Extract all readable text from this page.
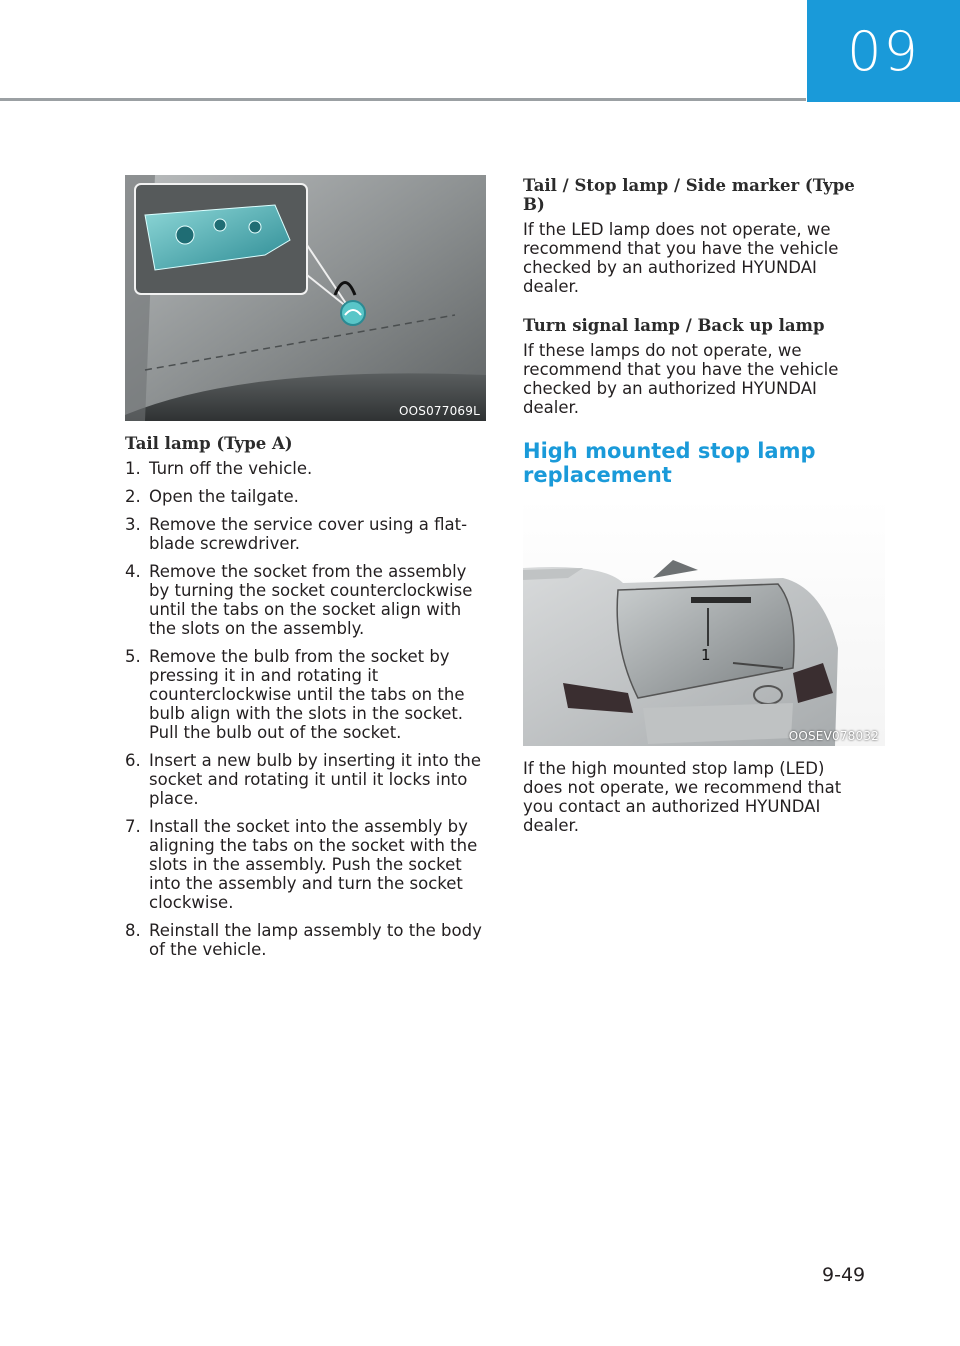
09
OOS077069L

Tail lamp (Type A)

1. Turn off the vehicle.
2. Open the tailgate.
3. Remove the service cover using a flat-blade screwdriver.
4. Remove the socket from the assembly by turning the socket counterclockwise until the tabs on the socket align with the slots on the assembly.
5. Remove the bulb from the socket by pressing it in and rotating it counterclockwise until the tabs on the bulb align with the slots in the socket. Pull the bulb out of the socket.
6. Insert a new bulb by inserting it into the socket and rotating it until it locks into place.
7. Install the socket into the assembly by aligning the tabs on the socket with the slots in the assembly. Push the socket into the assembly and turn the socket clockwise.
8. Reinstall the lamp assembly to the body of the vehicle.

Tail / Stop lamp / Side marker (Type B)

If the LED lamp does not operate, we recommend that you have the vehicle checked by an authorized HYUNDAI dealer.

Turn signal lamp / Back up lamp

If these lamps do not operate, we recommend that you have the vehicle checked by an authorized HYUNDAI dealer.

High mounted stop lamp replacement

1
OOSEV078032

If the high mounted stop lamp (LED) does not operate, we recommend that you contact an authorized HYUNDAI dealer.

9-49
